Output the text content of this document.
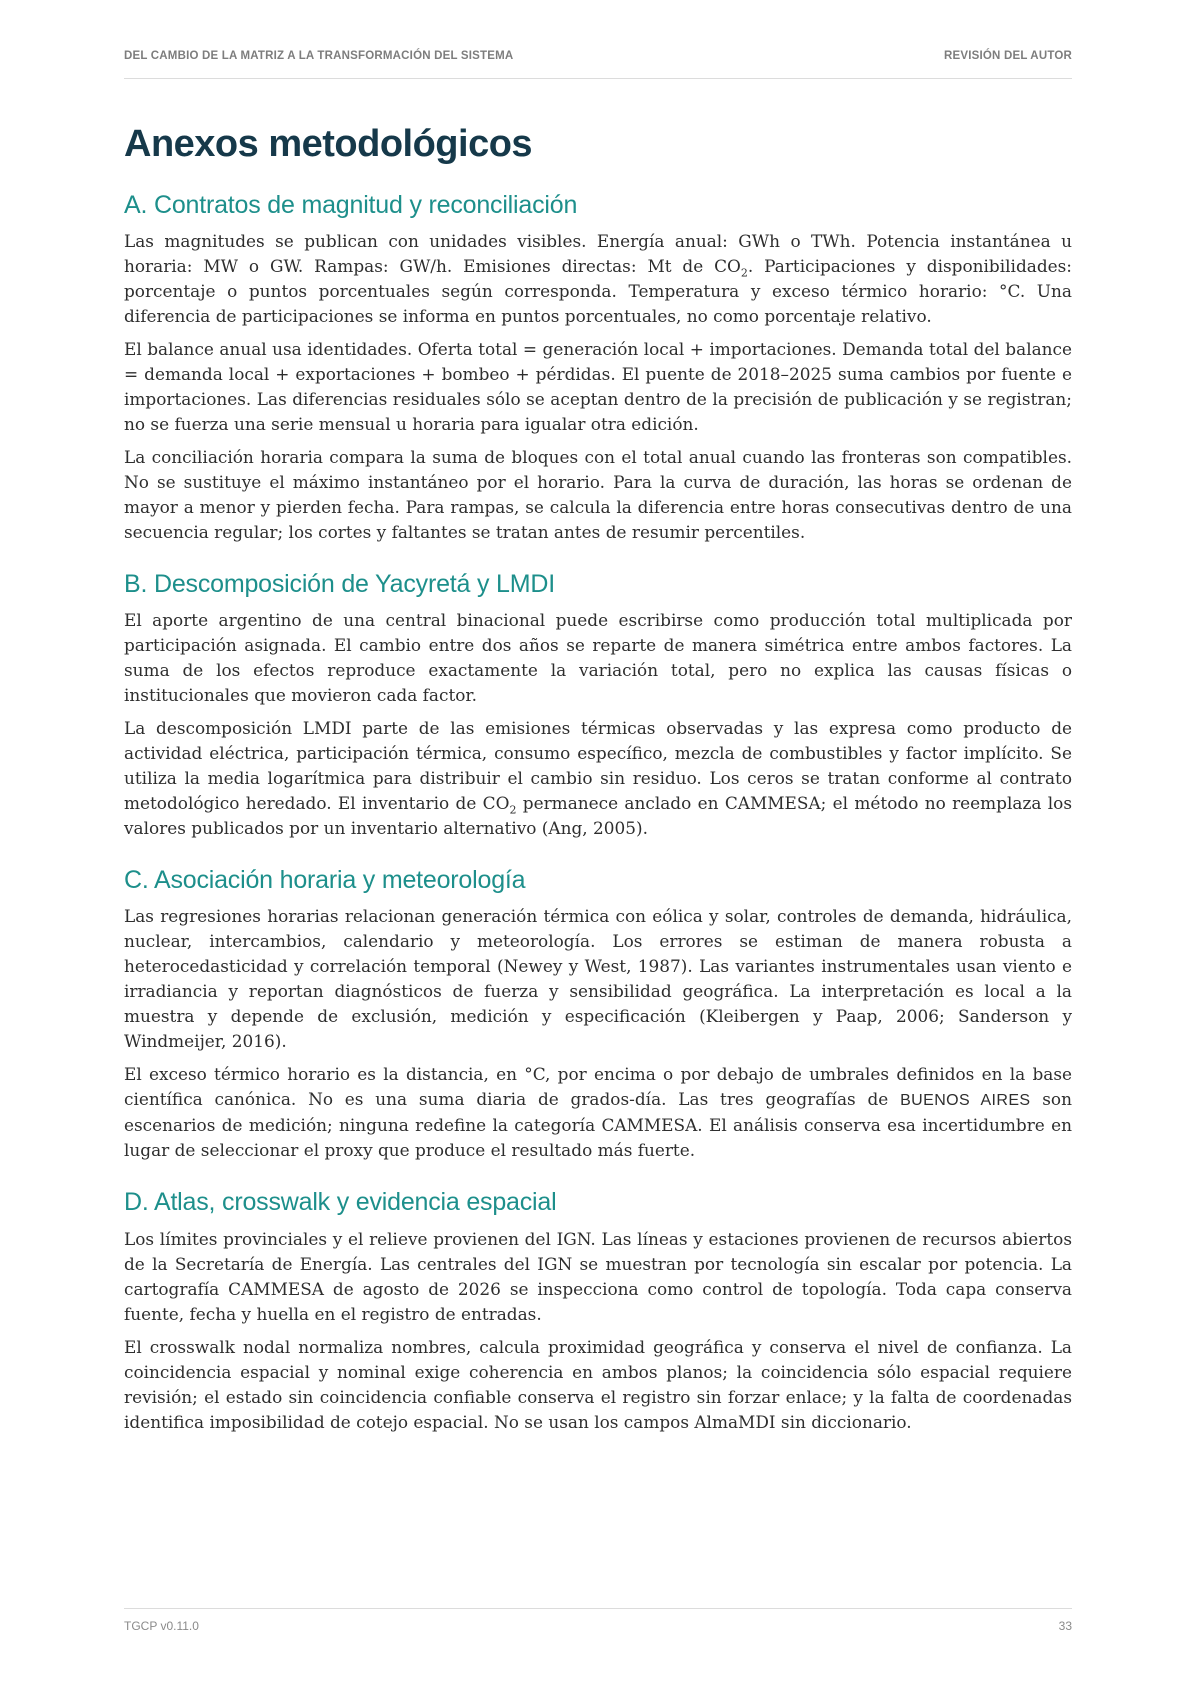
DEL CAMBIO DE LA MATRIZ A LA TRANSFORMACIÓN DEL SISTEMA	REVISIÓN DEL AUTOR
Anexos metodológicos
A. Contratos de magnitud y reconciliación

Las magnitudes se publican con unidades visibles. Energía anual: GWh o TWh. Potencia instantánea u horaria: MW o GW. Rampas: GW/h. Emisiones directas: Mt de $CO_2$. Participaciones y disponibilidades: porcentaje o puntos porcentuales según corresponda. Temperatura y exceso térmico horario: °C. Una diferencia de participaciones se informa en puntos porcentuales, no como porcentaje relativo.

El balance anual usa identidades. Oferta total = generación local + importaciones. Demanda total del balance = demanda local + exportaciones + bombeo + pérdidas. El puente de 2018–2025 suma cambios por fuente e importaciones. Las diferencias residuales sólo se aceptan dentro de la precisión de publicación y se registran; no se fuerza una serie mensual u horaria para igualar otra edición.

La conciliación horaria compara la suma de bloques con el total anual cuando las fronteras son compatibles. No se sustituye el máximo instantáneo por el horario. Para la curva de duración, las horas se ordenan de mayor a menor y pierden fecha. Para rampas, se calcula la diferencia entre horas consecutivas dentro de una secuencia regular; los cortes y faltantes se tratan antes de resumir percentiles.

B. Descomposición de Yacyretá y LMDI

El aporte argentino de una central binacional puede escribirse como producción total multiplicada por participación asignada. El cambio entre dos años se reparte de manera simétrica entre ambos factores. La suma de los efectos reproduce exactamente la variación total, pero no explica las causas físicas o institucionales que movieron cada factor.

La descomposición LMDI parte de las emisiones térmicas observadas y las expresa como producto de actividad eléctrica, participación térmica, consumo específico, mezcla de combustibles y factor implícito. Se utiliza la media logarítmica para distribuir el cambio sin residuo. Los ceros se tratan conforme al contrato metodológico heredado. El inventario de $CO_2$ permanece anclado en CAMMESA; el método no reemplaza los valores publicados por un inventario alternativo (Ang, 2005).

C. Asociación horaria y meteorología

Las regresiones horarias relacionan generación térmica con eólica y solar, controles de demanda, hidráulica, nuclear, intercambios, calendario y meteorología. Los errores se estiman de manera robusta a heterocedasticidad y correlación temporal (Newey y West, 1987). Las variantes instrumentales usan viento e irradiancia y reportan diagnósticos de fuerza y sensibilidad geográfica. La interpretación es local a la muestra y depende de exclusión, medición y especificación (Kleibergen y Paap, 2006; Sanderson y Windmeijer, 2016).

El exceso térmico horario es la distancia, en °C, por encima o por debajo de umbrales definidos en la base científica canónica. No es una suma diaria de grados-día. Las tres geografías de BUENOS AIRES son escenarios de medición; ninguna redefine la categoría CAMMESA. El análisis conserva esa incertidumbre en lugar de seleccionar el proxy que produce el resultado más fuerte.

D. Atlas, crosswalk y evidencia espacial

Los límites provinciales y el relieve provienen del IGN. Las líneas y estaciones provienen de recursos abiertos de la Secretaría de Energía. Las centrales del IGN se muestran por tecnología sin escalar por potencia. La cartografía CAMMESA de agosto de 2026 se inspecciona como control de topología. Toda capa conserva fuente, fecha y huella en el registro de entradas.

El crosswalk nodal normaliza nombres, calcula proximidad geográfica y conserva el nivel de confianza. La coincidencia espacial y nominal exige coherencia en ambos planos; la coincidencia sólo espacial requiere revisión; el estado sin coincidencia confiable conserva el registro sin forzar enlace; y la falta de coordenadas identifica imposibilidad de cotejo espacial. No se usan los campos AlmaMDI sin diccionario.

TGCP v0.11.0	33
